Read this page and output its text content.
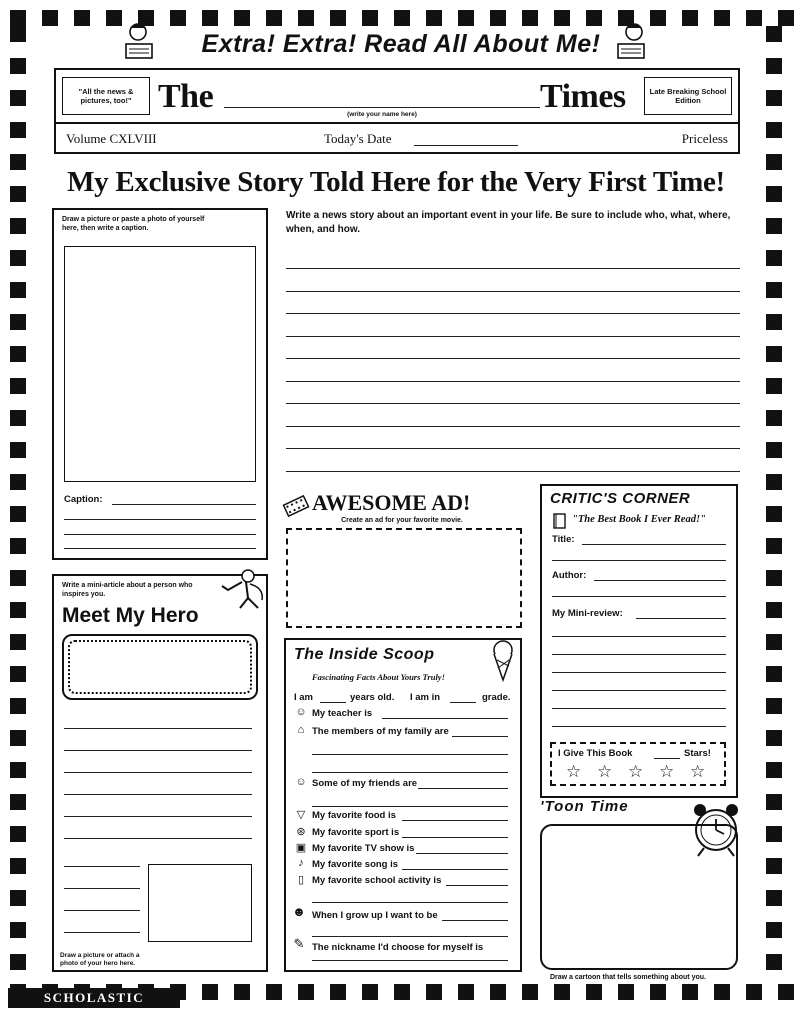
Extra! Extra! Read All About Me!
"All the news & pictures, too!" The	(write your name here)	Times	Late Breaking School Edition
Volume CXLVIII	Today's Date	Priceless
My Exclusive Story Told Here for the Very First Time!
Draw a picture or paste a photo of yourself here, then write a caption.
Caption:
Write a news story about an important event in your life. Be sure to include who, what, where, when, and how.
AWESOME AD!
Create an ad for your favorite movie.
CRITIC'S CORNER
"The Best Book I Ever Read!"
Title:
Author:
My Mini-review:
I Give This Book	Stars!
☆ ☆ ☆ ☆ ☆
Write a mini-article about a person who inspires you.
Meet My Hero
Draw a picture or attach a photo of your hero here.
The Inside Scoop
Fascinating Facts About Yours Truly!
I am	years old. I am in	grade.
☺ My teacher is
⌂ The members of my family are
☺ Some of my friends are
▽ My favorite food is
⊛ My favorite sport is
▣ My favorite TV show is
♪ My favorite song is
▯ My favorite school activity is
☻ When I grow up I want to be
✎ The nickname I'd choose for myself is
'Toon Time
Draw a cartoon that tells something about you.
SCHOLASTIC
